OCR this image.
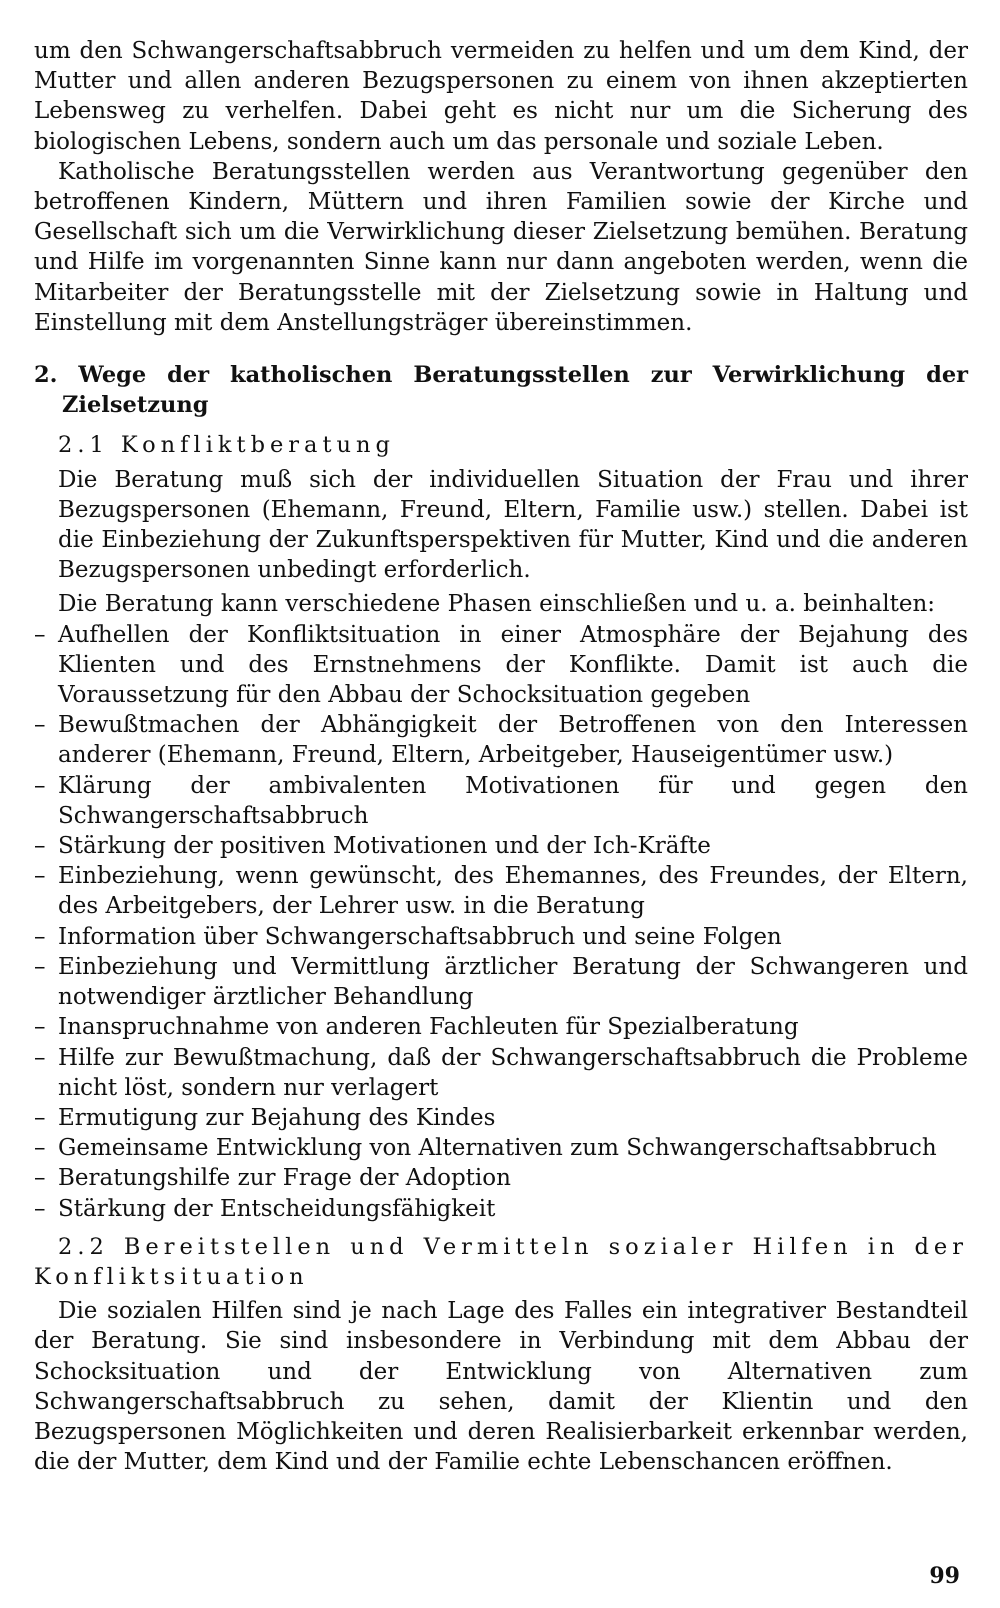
um den Schwangerschaftsabbruch vermeiden zu helfen und um dem Kind, der Mutter und allen anderen Bezugspersonen zu einem von ihnen akzeptierten Lebensweg zu verhelfen. Dabei geht es nicht nur um die Sicherung des biologischen Lebens, sondern auch um das personale und soziale Leben.

Katholische Beratungsstellen werden aus Verantwortung gegenüber den betroffenen Kindern, Müttern und ihren Familien sowie der Kirche und Gesellschaft sich um die Verwirklichung dieser Zielsetzung bemühen. Beratung und Hilfe im vorgenannten Sinne kann nur dann angeboten werden, wenn die Mitarbeiter der Beratungsstelle mit der Zielsetzung sowie in Haltung und Einstellung mit dem Anstellungsträger übereinstimmen.

2. Wege der katholischen Beratungsstellen zur Verwirklichung der Zielsetzung

2.1 Konfliktberatung

Die Beratung muß sich der individuellen Situation der Frau und ihrer Bezugspersonen (Ehemann, Freund, Eltern, Familie usw.) stellen. Dabei ist die Einbeziehung der Zukunftsperspektiven für Mutter, Kind und die anderen Bezugspersonen unbedingt erforderlich.

Die Beratung kann verschiedene Phasen einschließen und u. a. beinhalten:

– Aufhellen der Konfliktsituation in einer Atmosphäre der Bejahung des Klienten und des Ernstnehmens der Konflikte. Damit ist auch die Voraussetzung für den Abbau der Schocksituation gegeben
– Bewußtmachen der Abhängigkeit der Betroffenen von den Interessen anderer (Ehemann, Freund, Eltern, Arbeitgeber, Hauseigentümer usw.)
– Klärung der ambivalenten Motivationen für und gegen den Schwangerschaftsabbruch
– Stärkung der positiven Motivationen und der Ich-Kräfte
– Einbeziehung, wenn gewünscht, des Ehemannes, des Freundes, der Eltern, des Arbeitgebers, der Lehrer usw. in die Beratung
– Information über Schwangerschaftsabbruch und seine Folgen
– Einbeziehung und Vermittlung ärztlicher Beratung der Schwangeren und notwendiger ärztlicher Behandlung
– Inanspruchnahme von anderen Fachleuten für Spezialberatung
– Hilfe zur Bewußtmachung, daß der Schwangerschaftsabbruch die Probleme nicht löst, sondern nur verlagert
– Ermutigung zur Bejahung des Kindes
– Gemeinsame Entwicklung von Alternativen zum Schwangerschaftsabbruch
– Beratungshilfe zur Frage der Adoption
– Stärkung der Entscheidungsfähigkeit

2.2 Bereitstellen und Vermitteln sozialer Hilfen in der Konfliktsituation

Die sozialen Hilfen sind je nach Lage des Falles ein integrativer Bestandteil der Beratung. Sie sind insbesondere in Verbindung mit dem Abbau der Schocksituation und der Entwicklung von Alternativen zum Schwangerschaftsabbruch zu sehen, damit der Klientin und den Bezugspersonen Möglichkeiten und deren Realisierbarkeit erkennbar werden, die der Mutter, dem Kind und der Familie echte Lebenschancen eröffnen.

99
